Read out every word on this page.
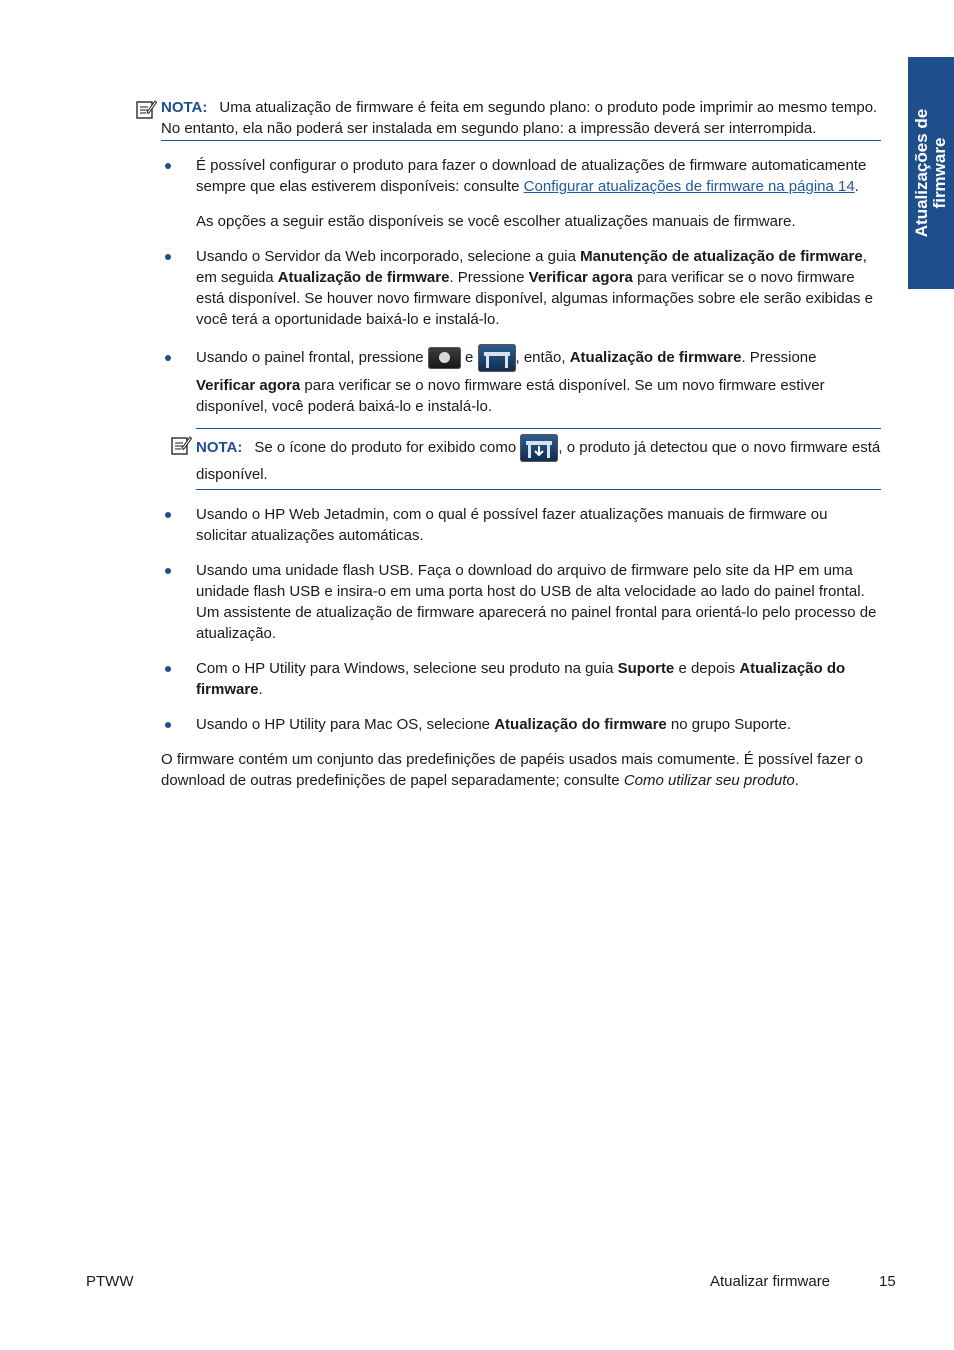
Atualizações de firmware
NOTA: Uma atualização de firmware é feita em segundo plano: o produto pode imprimir ao mesmo tempo. No entanto, ela não poderá ser instalada em segundo plano: a impressão deverá ser interrompida.
É possível configurar o produto para fazer o download de atualizações de firmware automaticamente sempre que elas estiverem disponíveis: consulte Configurar atualizações de firmware na página 14.

As opções a seguir estão disponíveis se você escolher atualizações manuais de firmware.

Usando o Servidor da Web incorporado, selecione a guia Manutenção de atualização de firmware, em seguida Atualização de firmware. Pressione Verificar agora para verificar se o novo firmware está disponível. Se houver novo firmware disponível, algumas informações sobre ele serão exibidas e você terá a oportunidade baixá-lo e instalá-lo.
Usando o painel frontal, pressione  e	, então, Atualização de firmware. Pressione
Verificar agora para verificar se o novo firmware está disponível. Se um novo firmware estiver disponível, você poderá baixá-lo e instalá-lo.
NOTA: Se o ícone do produto for exibido como	, o produto já detectou que o novo firmware está disponível.
Usando o HP Web Jetadmin, com o qual é possível fazer atualizações manuais de firmware ou solicitar atualizações automáticas.
Usando uma unidade flash USB. Faça o download do arquivo de firmware pelo site da HP em uma unidade flash USB e insira-o em uma porta host do USB de alta velocidade ao lado do painel frontal. Um assistente de atualização de firmware aparecerá no painel frontal para orientá-lo pelo processo de atualização.
Com o HP Utility para Windows, selecione seu produto na guia Suporte e depois Atualização do firmware.
Usando o HP Utility para Mac OS, selecione Atualização do firmware no grupo Suporte.

O firmware contém um conjunto das predefinições de papéis usados mais comumente. É possível fazer o download de outras predefinições de papel separadamente; consulte Como utilizar seu produto.

PTWW	Atualizar firmware	15
